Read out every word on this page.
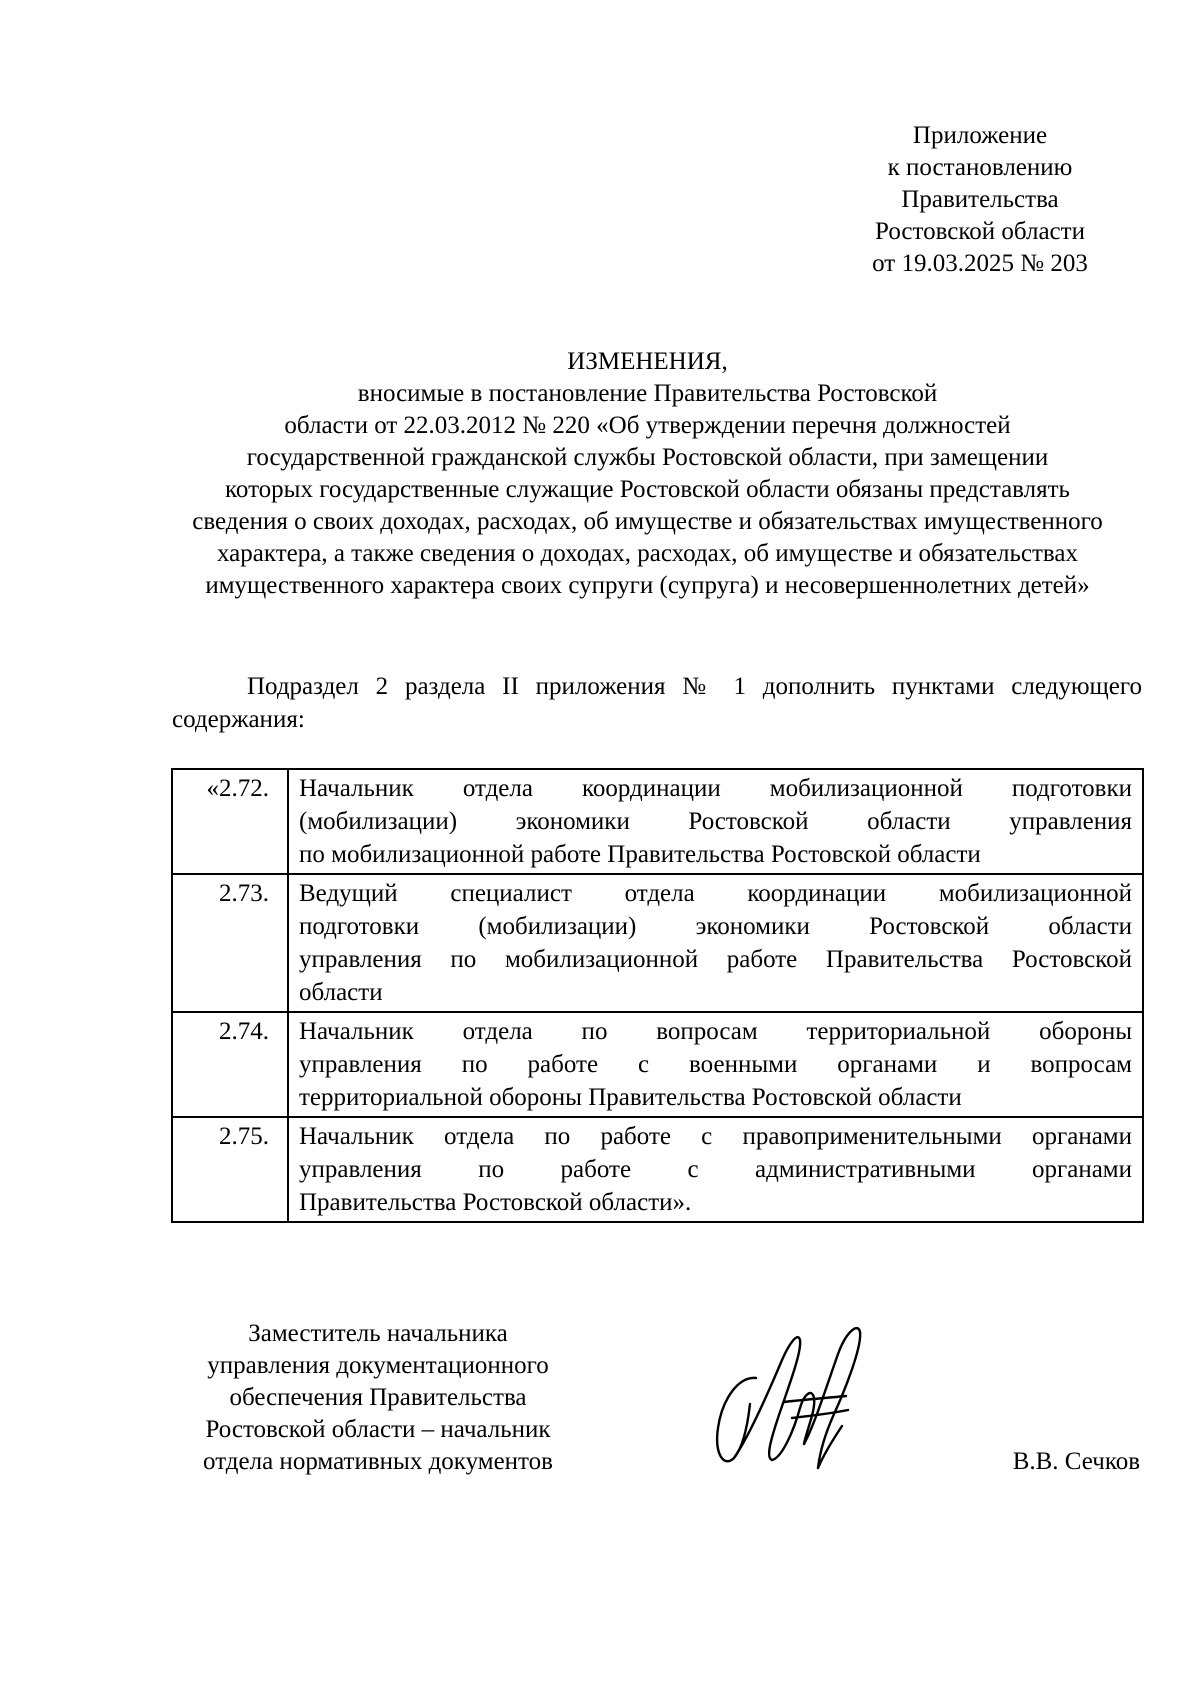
Приложение
к постановлению
Правительства
Ростовской области
от 19.03.2025 № 203
ИЗМЕНЕНИЯ,
вносимые в постановление Правительства Ростовской
области от 22.03.2012 № 220 «Об утверждении перечня должностей
государственной гражданской службы Ростовской области, при замещении
которых государственные служащие Ростовской области обязаны представлять
сведения о своих доходах, расходах, об имуществе и обязательствах имущественного
характера, а также сведения о доходах, расходах, об имуществе и обязательствах
имущественного характера своих супруги (супруга) и несовершеннолетних детей»
Подраздел 2 раздела II приложения № 1 дополнить пунктами следующего
содержания:
«2.72.	Начальник отдела координации мобилизационной подготовки
(мобилизации) экономики Ростовской области управления
по мобилизационной работе Правительства Ростовской области

2.73.	Ведущий специалист отдела координации мобилизационной
подготовки (мобилизации) экономики Ростовской области
управления по мобилизационной работе Правительства Ростовской
области

2.74.	Начальник отдела по вопросам территориальной обороны
управления по работе с военными органами и вопросам
территориальной обороны Правительства Ростовской области

2.75.	Начальник отдела по работе с правоприменительными органами
управления по работе с административными органами
Правительства Ростовской области».
Заместитель начальника
управления документационного
обеспечения Правительства
Ростовской области – начальник
отдела нормативных документов	В.В. Сечков
